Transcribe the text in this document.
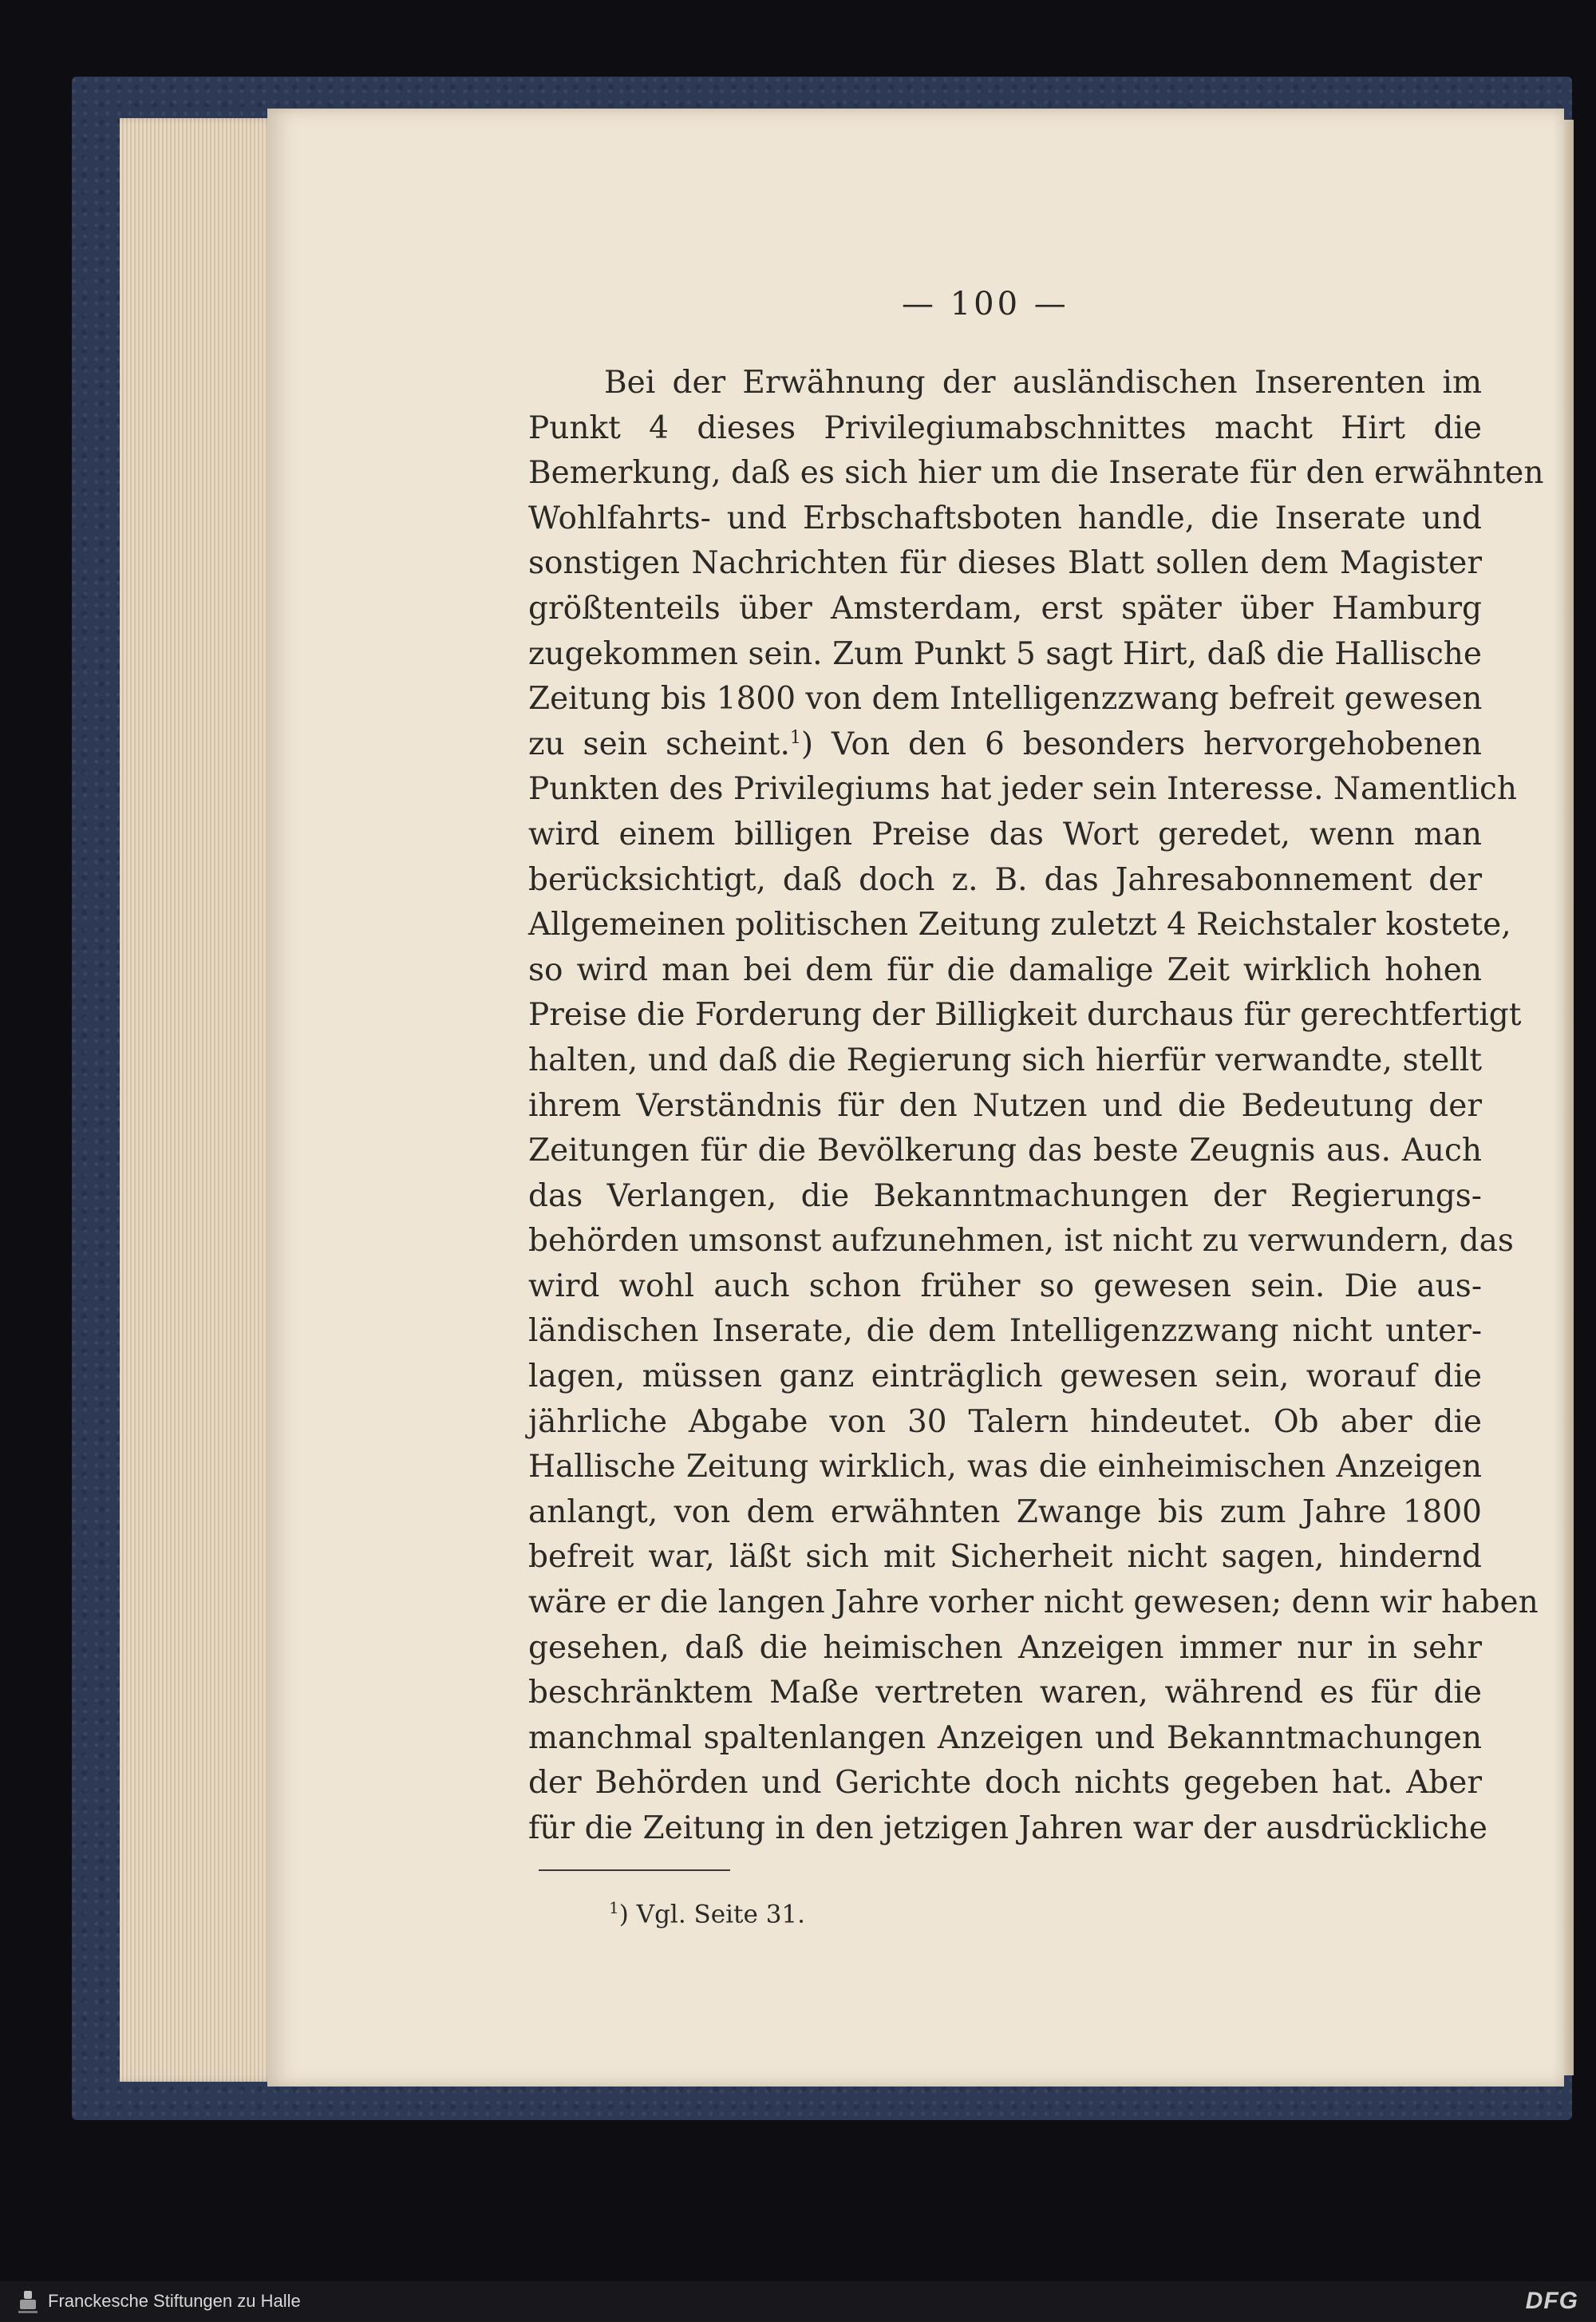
— 100 —
Bei der Erwähnung der ausländischen Inserenten im
Punkt 4 dieses Privilegiumabschnittes macht Hirt die
Bemerkung, daß es sich hier um die Inserate für den erwähnten
Wohlfahrts- und Erbschaftsboten handle, die Inserate und
sonstigen Nachrichten für dieses Blatt sollen dem Magister
größtenteils über Amsterdam, erst später über Hamburg
zugekommen sein. Zum Punkt 5 sagt Hirt, daß die Hallische
Zeitung bis 1800 von dem Intelligenzzwang befreit gewesen
zu sein scheint.$^1$) Von den 6 besonders hervorgehobenen
Punkten des Privilegiums hat jeder sein Interesse. Namentlich
wird einem billigen Preise das Wort geredet, wenn man
berücksichtigt, daß doch z. B. das Jahresabonnement der
Allgemeinen politischen Zeitung zuletzt 4 Reichstaler kostete,
so wird man bei dem für die damalige Zeit wirklich hohen
Preise die Forderung der Billigkeit durchaus für gerechtfertigt
halten, und daß die Regierung sich hierfür verwandte, stellt
ihrem Verständnis für den Nutzen und die Bedeutung der
Zeitungen für die Bevölkerung das beste Zeugnis aus. Auch
das Verlangen, die Bekanntmachungen der Regierungs-
behörden umsonst aufzunehmen, ist nicht zu verwundern, das
wird wohl auch schon früher so gewesen sein. Die aus-
ländischen Inserate, die dem Intelligenzzwang nicht unter-
lagen, müssen ganz einträglich gewesen sein, worauf die
jährliche Abgabe von 30 Talern hindeutet. Ob aber die
Hallische Zeitung wirklich, was die einheimischen Anzeigen
anlangt, von dem erwähnten Zwange bis zum Jahre 1800
befreit war, läßt sich mit Sicherheit nicht sagen, hindernd
wäre er die langen Jahre vorher nicht gewesen; denn wir haben
gesehen, daß die heimischen Anzeigen immer nur in sehr
beschränktem Maße vertreten waren, während es für die
manchmal spaltenlangen Anzeigen und Bekanntmachungen
der Behörden und Gerichte doch nichts gegeben hat. Aber
für die Zeitung in den jetzigen Jahren war der ausdrückliche
$^1$) Vgl. Seite 31.
Franckesche Stiftungen zu Halle	DFG
